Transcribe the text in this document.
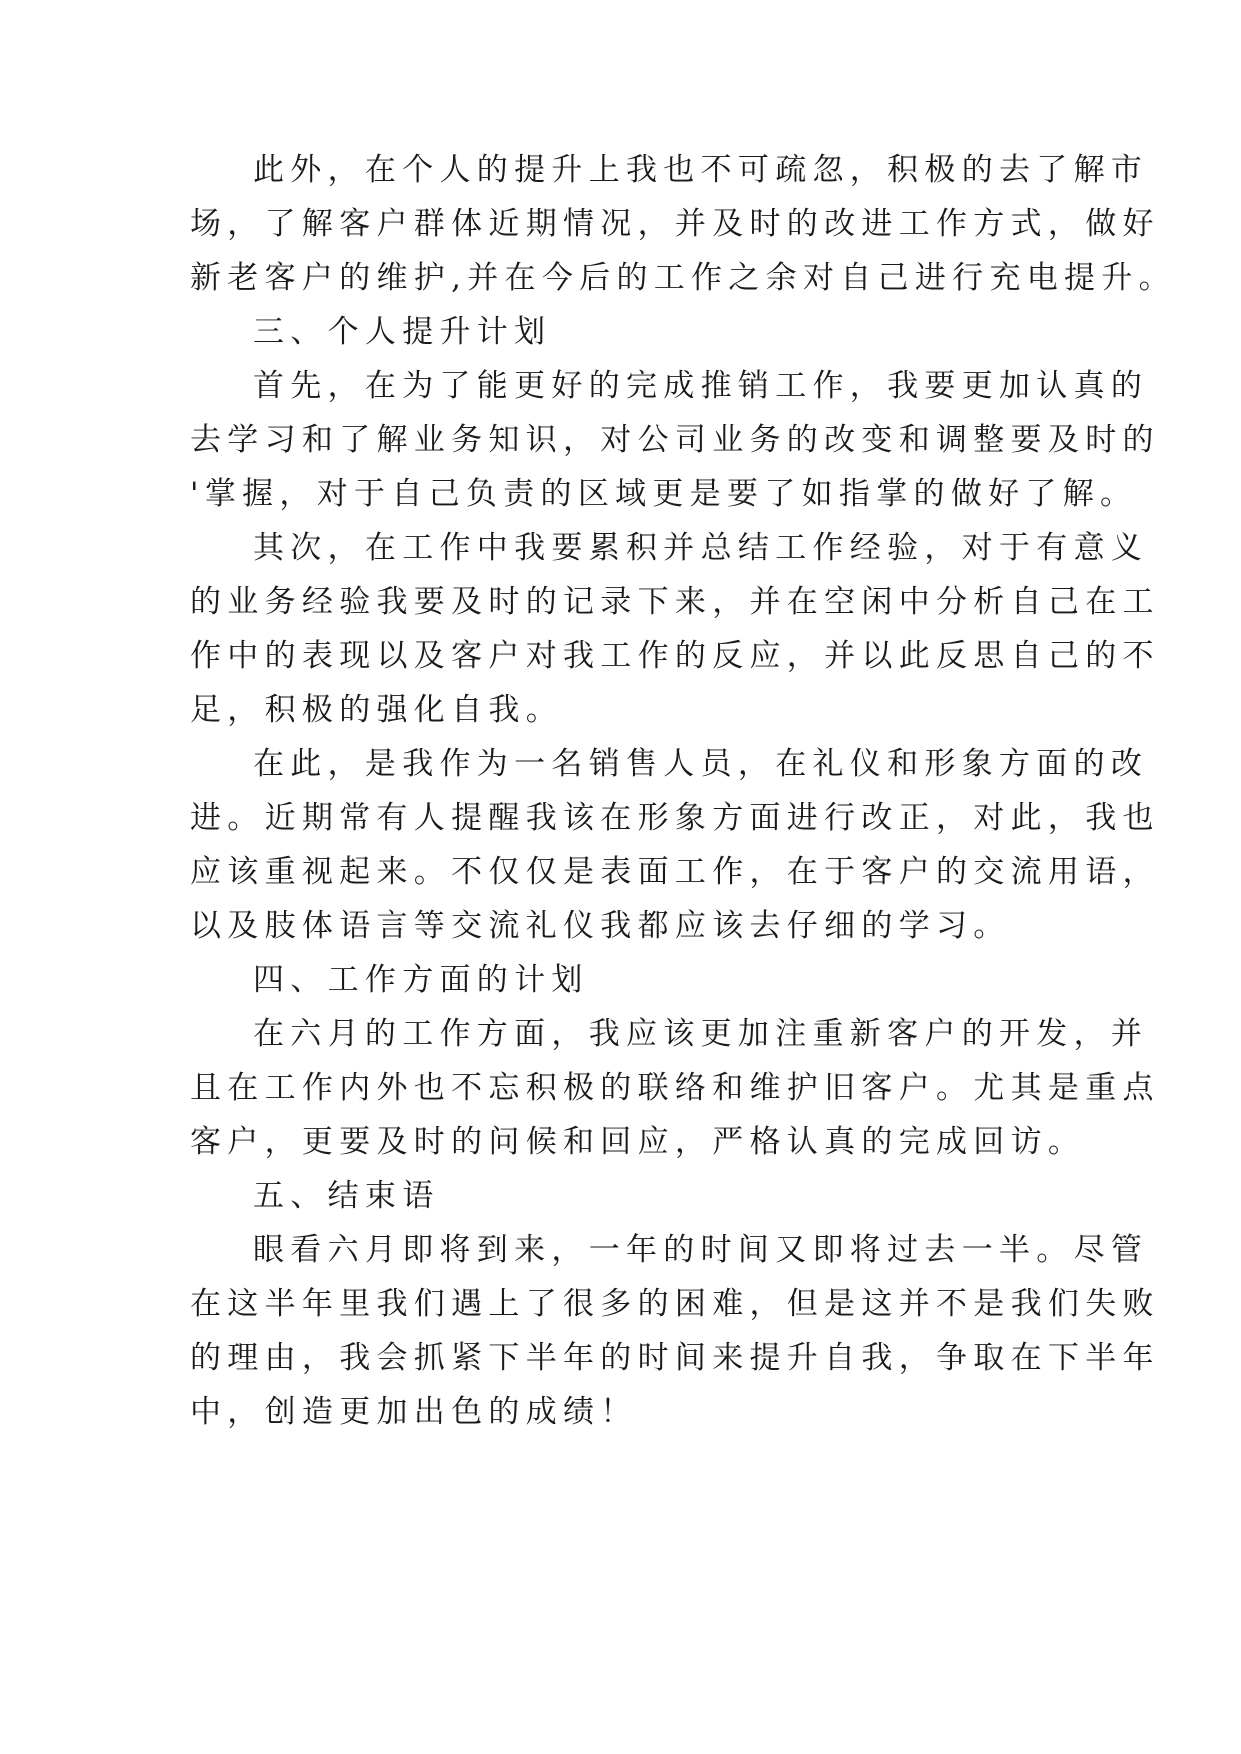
此外，在个人的提升上我也不可疏忽，积极的去了解市
场，了解客户群体近期情况，并及时的改进工作方式，做好
新老客户的维护,并在今后的工作之余对自己进行充电提升。
三、个人提升计划
首先，在为了能更好的完成推销工作，我要更加认真的
去学习和了解业务知识，对公司业务的改变和调整要及时的
'掌握，对于自己负责的区域更是要了如指掌的做好了解。
其次，在工作中我要累积并总结工作经验，对于有意义
的业务经验我要及时的记录下来，并在空闲中分析自己在工
作中的表现以及客户对我工作的反应，并以此反思自己的不
足，积极的强化自我。
在此，是我作为一名销售人员，在礼仪和形象方面的改
进。近期常有人提醒我该在形象方面进行改正，对此，我也
应该重视起来。不仅仅是表面工作，在于客户的交流用语，
以及肢体语言等交流礼仪我都应该去仔细的学习。
四、工作方面的计划
在六月的工作方面，我应该更加注重新客户的开发，并
且在工作内外也不忘积极的联络和维护旧客户。尤其是重点
客户，更要及时的问候和回应，严格认真的完成回访。
五、结束语
眼看六月即将到来，一年的时间又即将过去一半。尽管
在这半年里我们遇上了很多的困难，但是这并不是我们失败
的理由，我会抓紧下半年的时间来提升自我，争取在下半年
中，创造更加出色的成绩！
